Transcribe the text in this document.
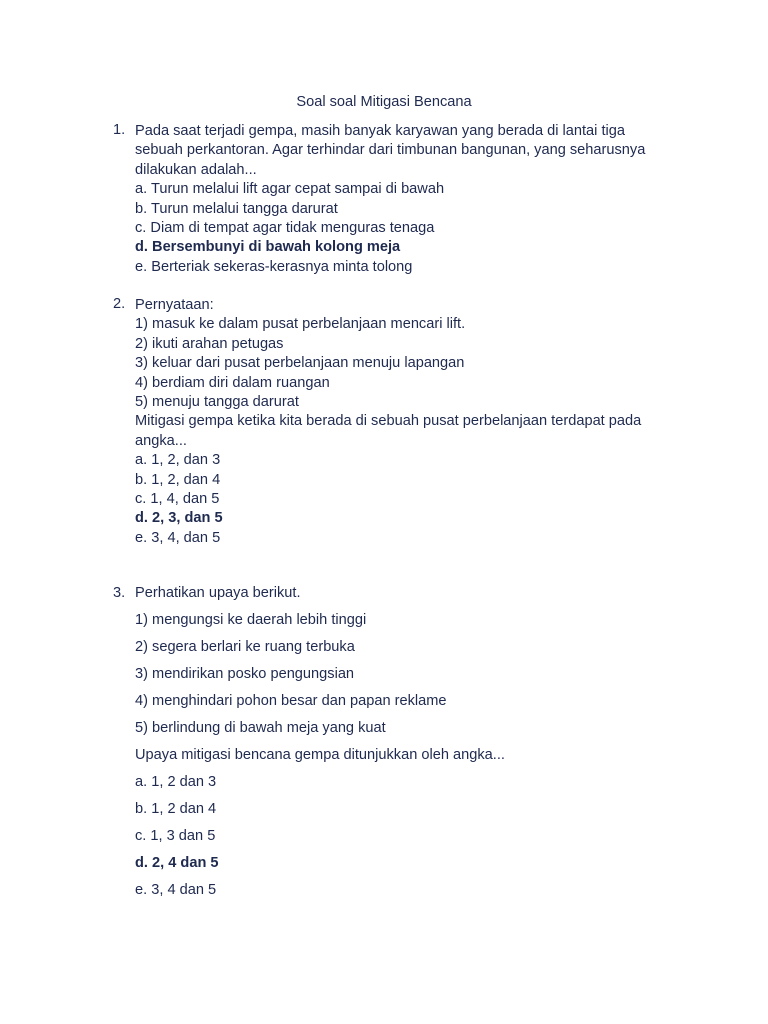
Soal soal Mitigasi Bencana
1. Pada saat terjadi gempa, masih banyak karyawan yang berada di lantai tiga
sebuah perkantoran. Agar terhindar dari timbunan bangunan, yang seharusnya
dilakukan adalah...
a. Turun melalui lift agar cepat sampai di bawah
b. Turun melalui tangga darurat
c. Diam di tempat agar tidak menguras tenaga
d. Bersembunyi di bawah kolong meja
e. Berteriak sekeras-kerasnya minta tolong
2. Pernyataan:
1) masuk ke dalam pusat perbelanjaan mencari lift.
2) ikuti arahan petugas
3) keluar dari pusat perbelanjaan menuju lapangan
4) berdiam diri dalam ruangan
5) menuju tangga darurat
Mitigasi gempa ketika kita berada di sebuah pusat perbelanjaan terdapat pada
angka...
a. 1, 2, dan 3
b. 1, 2, dan 4
c. 1, 4, dan 5
d. 2, 3, dan 5
e. 3, 4, dan 5
3. Perhatikan upaya berikut.
1) mengungsi ke daerah lebih tinggi
2) segera berlari ke ruang terbuka
3) mendirikan posko pengungsian
4) menghindari pohon besar dan papan reklame
5) berlindung di bawah meja yang kuat
Upaya mitigasi bencana gempa ditunjukkan oleh angka...
a. 1, 2 dan 3
b. 1, 2 dan 4
c. 1, 3 dan 5
d. 2, 4 dan 5
e. 3, 4 dan 5
